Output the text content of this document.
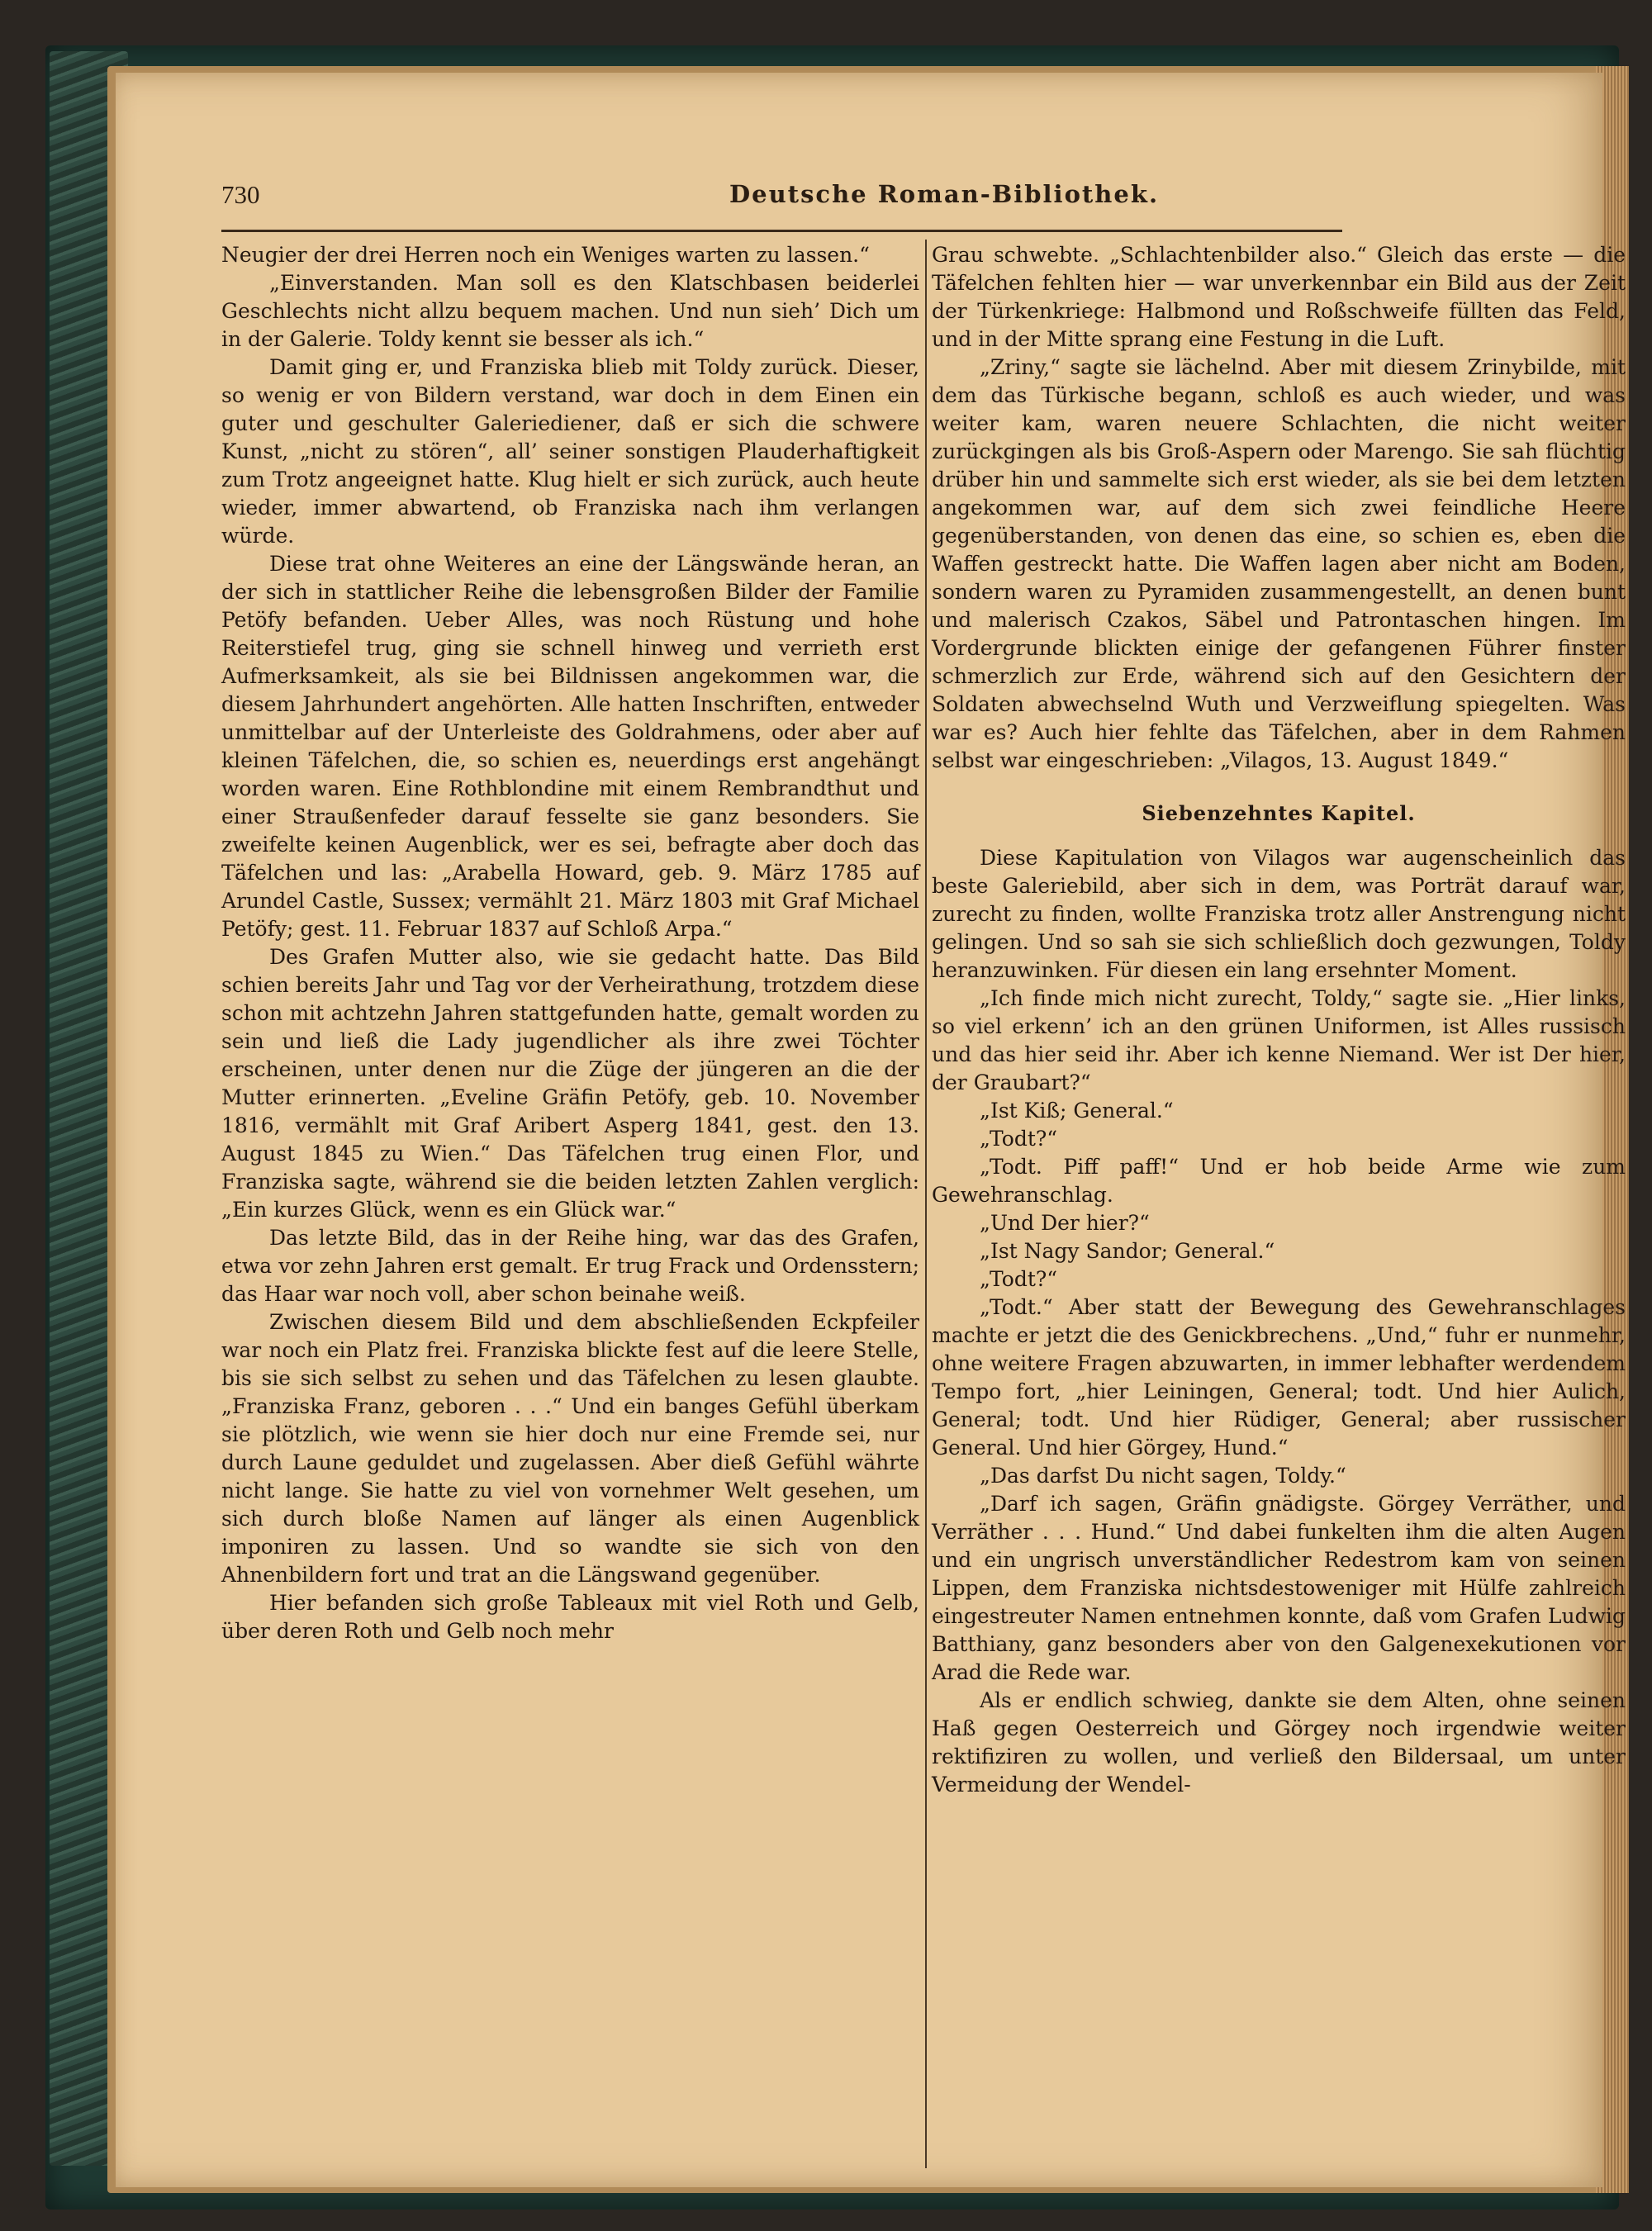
730	Deutsche Roman-Bibliothek.

Neugier der drei Herren noch ein Weniges warten zu lassen.“

„Einverstanden. Man soll es den Klatschbasen beiderlei Geschlechts nicht allzu bequem machen. Und nun sieh’ Dich um in der Galerie. Toldy kennt sie besser als ich.“

Damit ging er, und Franziska blieb mit Toldy zurück. Dieser, so wenig er von Bildern verstand, war doch in dem Einen ein guter und geschulter Galeriediener, daß er sich die schwere Kunst, „nicht zu stören“, all’ seiner sonstigen Plauderhaftigkeit zum Trotz angeeignet hatte. Klug hielt er sich zurück, auch heute wieder, immer abwartend, ob Franziska nach ihm verlangen würde.

Diese trat ohne Weiteres an eine der Längswände heran, an der sich in stattlicher Reihe die lebensgroßen Bilder der Familie Petöfy befanden. Ueber Alles, was noch Rüstung und hohe Reiterstiefel trug, ging sie schnell hinweg und verrieth erst Aufmerksamkeit, als sie bei Bildnissen angekommen war, die diesem Jahrhundert angehörten. Alle hatten Inschriften, entweder unmittelbar auf der Unterleiste des Goldrahmens, oder aber auf kleinen Täfelchen, die, so schien es, neuerdings erst angehängt worden waren. Eine Rothblondine mit einem Rembrandthut und einer Straußenfeder darauf fesselte sie ganz besonders. Sie zweifelte keinen Augenblick, wer es sei, befragte aber doch das Täfelchen und las: „Arabella Howard, geb. 9. März 1785 auf Arundel Castle, Sussex; vermählt 21. März 1803 mit Graf Michael Petöfy; gest. 11. Februar 1837 auf Schloß Arpa.“

Des Grafen Mutter also, wie sie gedacht hatte. Das Bild schien bereits Jahr und Tag vor der Verheirathung, trotzdem diese schon mit achtzehn Jahren stattgefunden hatte, gemalt worden zu sein und ließ die Lady jugendlicher als ihre zwei Töchter erscheinen, unter denen nur die Züge der jüngeren an die der Mutter erinnerten. „Eveline Gräfin Petöfy, geb. 10. November 1816, vermählt mit Graf Aribert Asperg 1841, gest. den 13. August 1845 zu Wien.“ Das Täfelchen trug einen Flor, und Franziska sagte, während sie die beiden letzten Zahlen verglich: „Ein kurzes Glück, wenn es ein Glück war.“

Das letzte Bild, das in der Reihe hing, war das des Grafen, etwa vor zehn Jahren erst gemalt. Er trug Frack und Ordensstern; das Haar war noch voll, aber schon beinahe weiß.

Zwischen diesem Bild und dem abschließenden Eckpfeiler war noch ein Platz frei. Franziska blickte fest auf die leere Stelle, bis sie sich selbst zu sehen und das Täfelchen zu lesen glaubte. „Franziska Franz, geboren . . .“ Und ein banges Gefühl überkam sie plötzlich, wie wenn sie hier doch nur eine Fremde sei, nur durch Laune geduldet und zugelassen. Aber dieß Gefühl währte nicht lange. Sie hatte zu viel von vornehmer Welt gesehen, um sich durch bloße Namen auf länger als einen Augenblick imponiren zu lassen. Und so wandte sie sich von den Ahnenbildern fort und trat an die Längswand gegenüber.

Hier befanden sich große Tableaux mit viel Roth und Gelb, über deren Roth und Gelb noch mehr

Grau schwebte. „Schlachtenbilder also.“ Gleich das erste — die Täfelchen fehlten hier — war unverkennbar ein Bild aus der Zeit der Türkenkriege: Halbmond und Roßschweife füllten das Feld, und in der Mitte sprang eine Festung in die Luft.

„Zriny,“ sagte sie lächelnd. Aber mit diesem Zrinybilde, mit dem das Türkische begann, schloß es auch wieder, und was weiter kam, waren neuere Schlachten, die nicht weiter zurückgingen als bis Groß-Aspern oder Marengo. Sie sah flüchtig drüber hin und sammelte sich erst wieder, als sie bei dem letzten angekommen war, auf dem sich zwei feindliche Heere gegenüberstanden, von denen das eine, so schien es, eben die Waffen gestreckt hatte. Die Waffen lagen aber nicht am Boden, sondern waren zu Pyramiden zusammengestellt, an denen bunt und malerisch Czakos, Säbel und Patrontaschen hingen. Im Vordergrunde blickten einige der gefangenen Führer finster schmerzlich zur Erde, während sich auf den Gesichtern der Soldaten abwechselnd Wuth und Verzweiflung spiegelten. Was war es? Auch hier fehlte das Täfelchen, aber in dem Rahmen selbst war eingeschrieben: „Vilagos, 13. August 1849.“

Siebenzehntes Kapitel.

Diese Kapitulation von Vilagos war augenscheinlich das beste Galeriebild, aber sich in dem, was Porträt darauf war, zurecht zu finden, wollte Franziska trotz aller Anstrengung nicht gelingen. Und so sah sie sich schließlich doch gezwungen, Toldy heranzuwinken. Für diesen ein lang ersehnter Moment.

„Ich finde mich nicht zurecht, Toldy,“ sagte sie. „Hier links, so viel erkenn’ ich an den grünen Uniformen, ist Alles russisch und das hier seid ihr. Aber ich kenne Niemand. Wer ist Der hier, der Graubart?“

„Ist Kiß; General.“

„Todt?“

„Todt. Piff paff!“ Und er hob beide Arme wie zum Gewehranschlag.

„Und Der hier?“

„Ist Nagy Sandor; General.“

„Todt?“

„Todt.“ Aber statt der Bewegung des Gewehranschlages machte er jetzt die des Genickbrechens. „Und,“ fuhr er nunmehr, ohne weitere Fragen abzuwarten, in immer lebhafter werdendem Tempo fort, „hier Leiningen, General; todt. Und hier Aulich, General; todt. Und hier Rüdiger, General; aber russischer General. Und hier Görgey, Hund.“

„Das darfst Du nicht sagen, Toldy.“

„Darf ich sagen, Gräfin gnädigste. Görgey Verräther, und Verräther . . . Hund.“ Und dabei funkelten ihm die alten Augen und ein ungrisch unverständlicher Redestrom kam von seinen Lippen, dem Franziska nichtsdestoweniger mit Hülfe zahlreich eingestreuter Namen entnehmen konnte, daß vom Grafen Ludwig Batthiany, ganz besonders aber von den Galgenexekutionen vor Arad die Rede war.

Als er endlich schwieg, dankte sie dem Alten, ohne seinen Haß gegen Oesterreich und Görgey noch irgendwie weiter rektifiziren zu wollen, und verließ den Bildersaal, um unter Vermeidung der Wendel-
